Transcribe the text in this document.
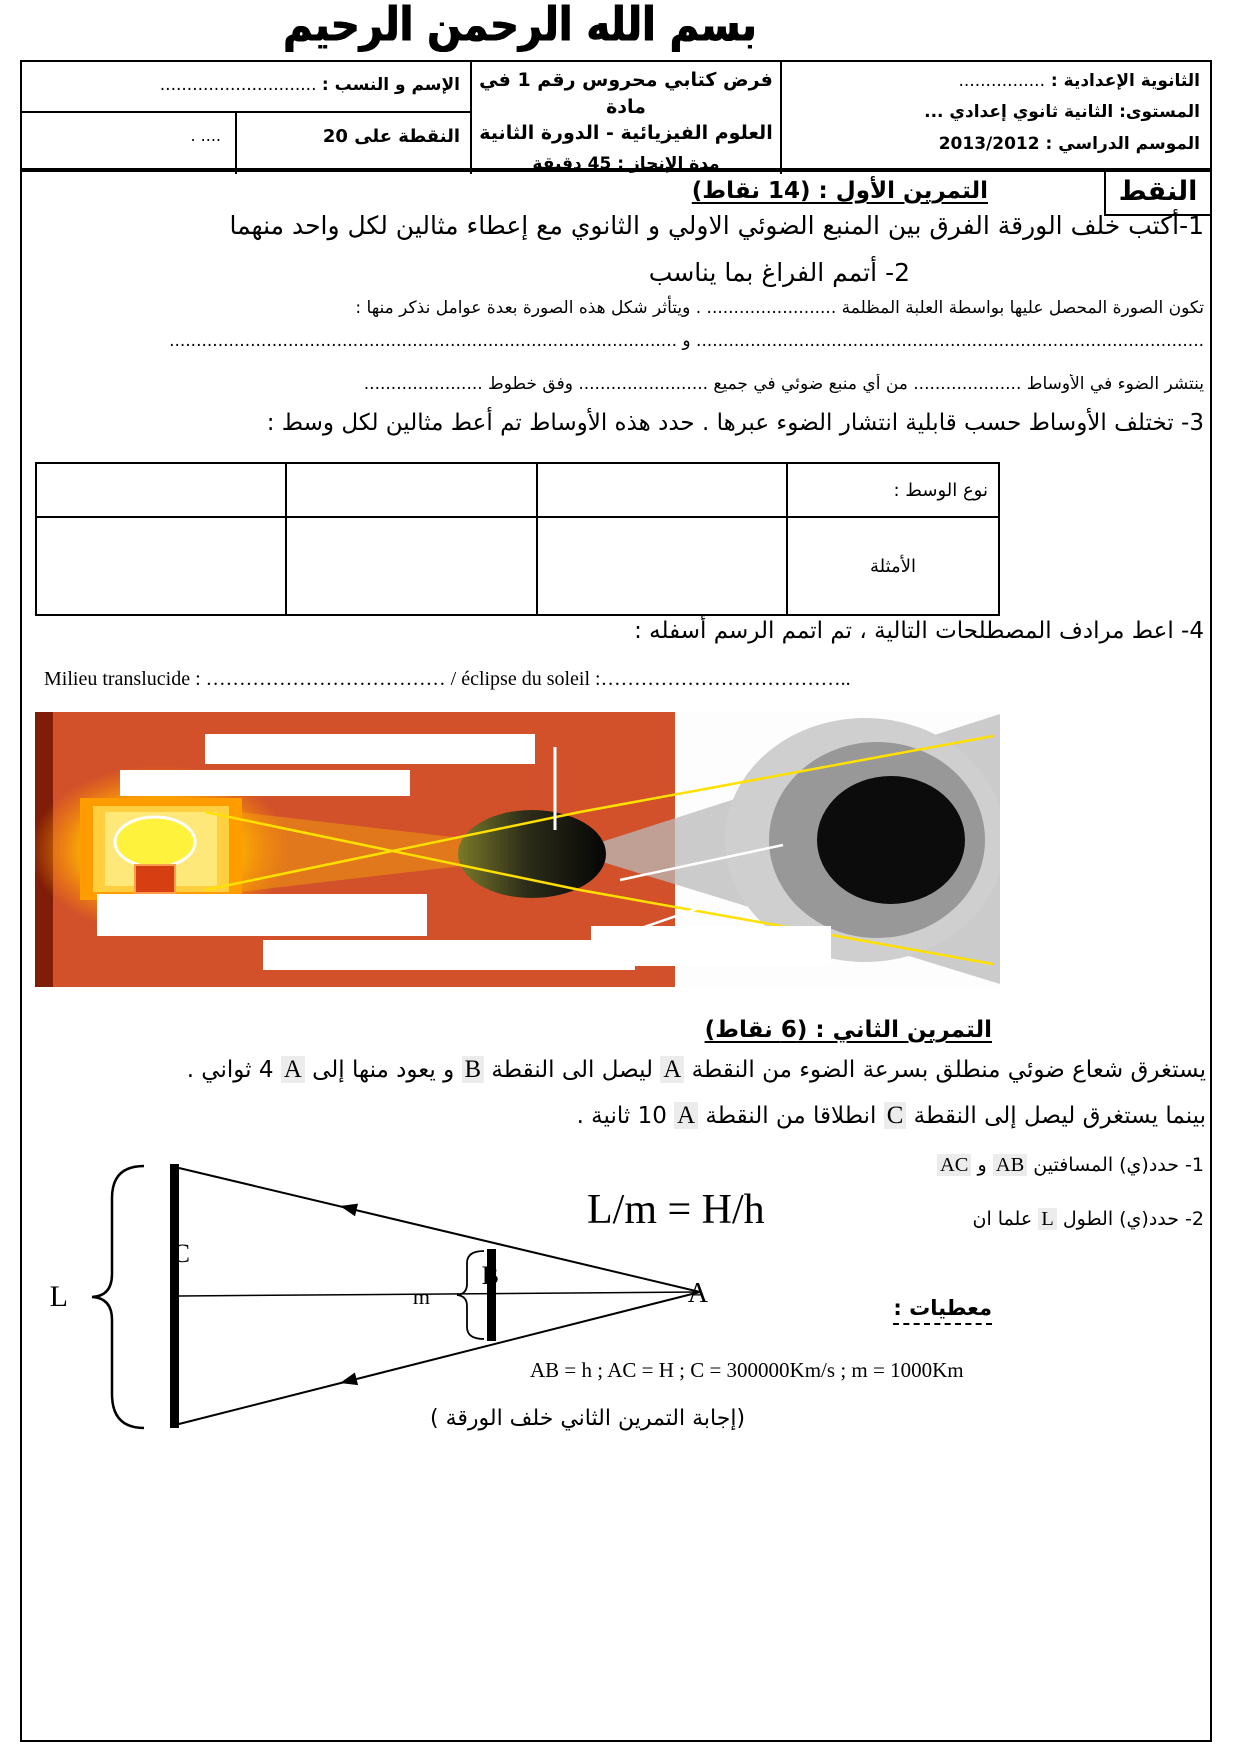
بسم الله الرحمن الرحيم
الثانوية الإعدادية : ................
المستوى: الثانية ثانوي إعدادي ...
الموسم الدراسي : 2013/2012
فرض كتابي محروس رقم 1 في مادة
العلوم الفيزيائية - الدورة الثانية
مدة الإنجاز : 45 دقيقة
الإسم و النسب : .............................
النقطة على 20
.... .
النقط
التمرين الأول : (14 نقاط)
1-أكتب خلف الورقة الفرق بين المنبع الضوئي الاولي و الثانوي مع إعطاء مثالين لكل واحد منهما
2- أتمم الفراغ بما يناسب
تكون الصورة المحصل عليها بواسطة العلبة المظلمة ........................ . ويتأثر شكل هذه الصورة بعدة عوامل نذكر منها :
.............................................................................................. و ..............................................................................................
ينتشر الضوء في الأوساط .................... من أي منبع ضوئي في جميع ........................ وفق خطوط ......................
3- تختلف الأوساط حسب قابلية انتشار الضوء عبرها . حدد هذه الأوساط تم أعط مثالين لكل وسط :
نوع الوسط :			
الأمثلة			
4- اعط مرادف المصطلحات التالية ، تم اتمم الرسم أسفله :
Milieu translucide : ……………………………… / éclipse du soleil :………………………………..
التمرين الثاني : (6 نقاط)
يستغرق شعاع ضوئي منطلق بسرعة الضوء من النقطة A ليصل الى النقطة B و يعود منها إلى A 4 ثواني .
بينما يستغرق ليصل إلى النقطة C انطلاقا من النقطة A 10 ثانية .
1- حدد(ي) المسافتين AB و AC
2- حدد(ي) الطول L علما ان
L/m = H/h
L
C
B
m	A	معطيات :
AB = h ; AC = H ; C = 300000Km/s ; m = 1000Km
(إجابة التمرين الثاني خلف الورقة )
